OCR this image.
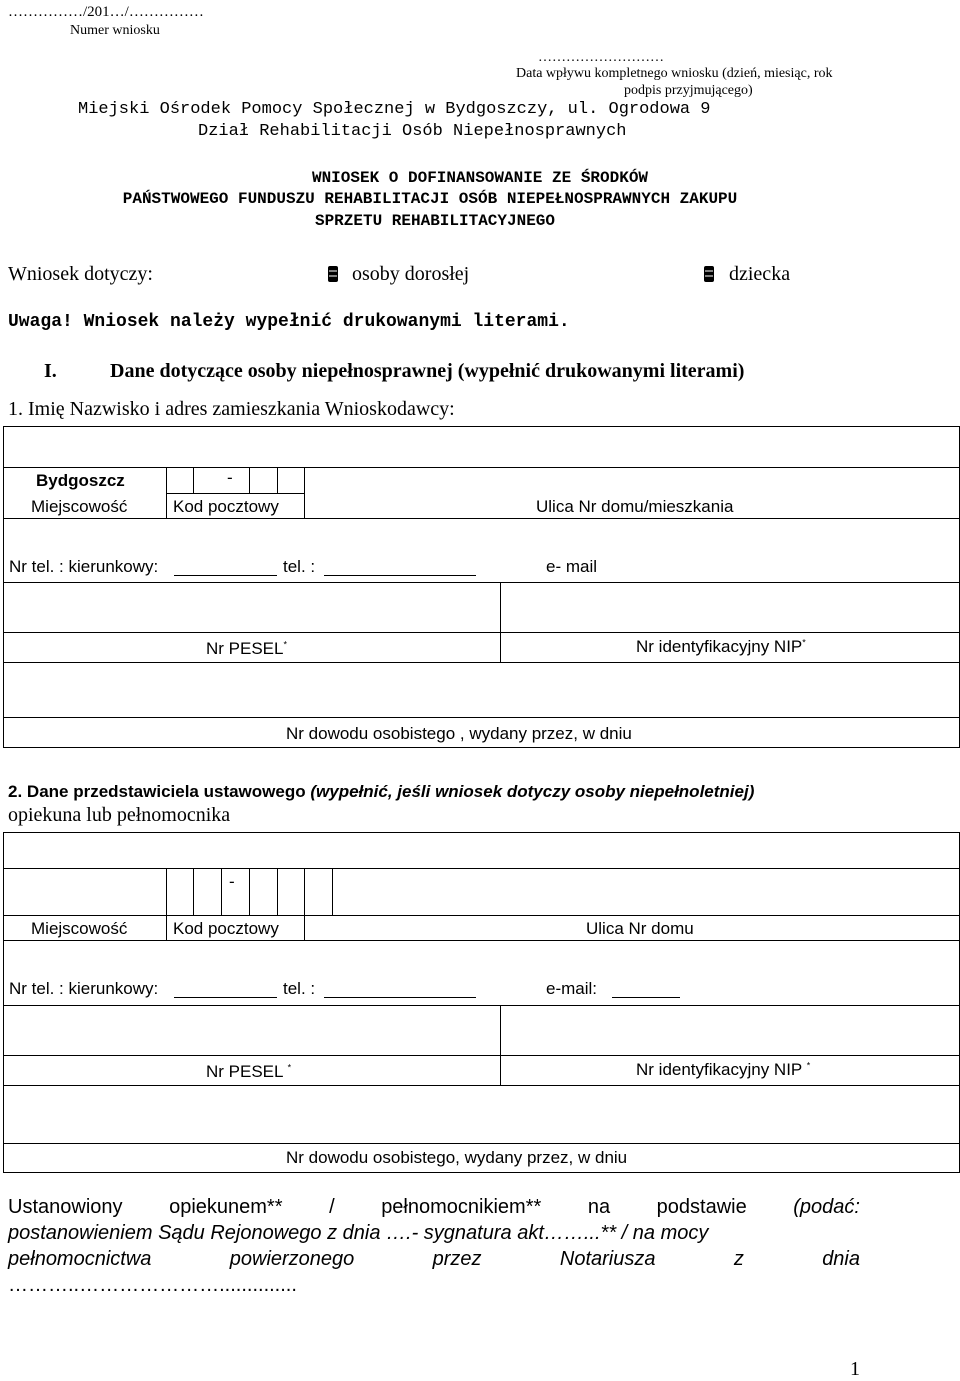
……………/201…/……………
Numer wniosku
………………………
Data wpływu kompletnego wniosku (dzień, miesiąc, rok
podpis przyjmującego)
Miejski Ośrodek Pomocy Społecznej w Bydgoszczy, ul. Ogrodowa 9
Dział Rehabilitacji Osób Niepełnosprawnych
WNIOSEK O DOFINANSOWANIE ZE ŚRODKÓW
PAŃSTWOWEGO FUNDUSZU REHABILITACJI OSÓB NIEPEŁNOSPRAWNYCH ZAKUPU
SPRZETU REHABILITACYJNEGO
Wniosek dotyczy:	osoby dorosłej	dziecka
Uwaga! Wniosek należy wypełnić drukowanymi literami.
I.	Dane dotyczące osoby niepełnosprawnej (wypełnić drukowanymi literami)
1. Imię Nazwisko i adres zamieszkania Wnioskodawcy:
Bydgoszcz	-
Miejscowość	Kod pocztowy	Ulica Nr domu/mieszkania
Nr tel. : kierunkowy:	tel. :	e- mail
Nr PESEL*	Nr identyfikacyjny NIP*
Nr dowodu osobistego , wydany przez, w dniu
2. Dane przedstawiciela ustawowego (wypełnić, jeśli wniosek dotyczy osoby niepełnoletniej)
opiekuna lub pełnomocnika
-
Miejscowość	Kod pocztowy	Ulica Nr domu
Nr tel. : kierunkowy:	tel. :	e-mail:
Nr PESEL *	Nr identyfikacyjny NIP *
Nr dowodu osobistego, wydany przez, w dniu
Ustanowiony opiekunem** / pełnomocnikiem** na podstawie (podać:
postanowieniem Sądu Rejonowego z dnia ….- sygnatura akt……...** / na mocy
pełnomocnictwa	powierzonego	przez	Notariusza	z	dnia
………..…………………..............
1
